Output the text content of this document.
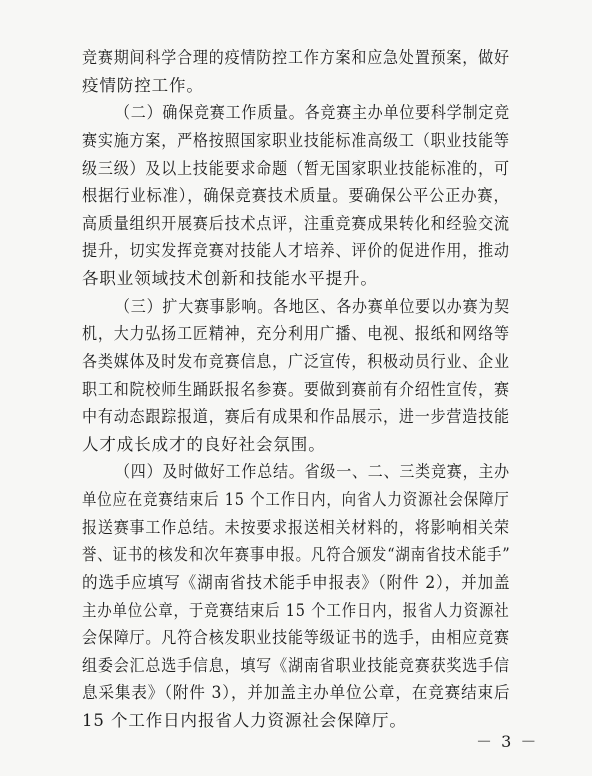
竞赛期间科学合理的疫情防控工作方案和应急处置预案，做好
疫情防控工作。
（二）确保竞赛工作质量。各竞赛主办单位要科学制定竞
赛实施方案，严格按照国家职业技能标准高级工（职业技能等
级三级）及以上技能要求命题（暂无国家职业技能标准的，可
根据行业标准），确保竞赛技术质量。要确保公平公正办赛，
高质量组织开展赛后技术点评，注重竞赛成果转化和经验交流
提升，切实发挥竞赛对技能人才培养、评价的促进作用，推动
各职业领域技术创新和技能水平提升。
（三）扩大赛事影响。各地区、各办赛单位要以办赛为契
机，大力弘扬工匠精神，充分利用广播、电视、报纸和网络等
各类媒体及时发布竞赛信息，广泛宣传，积极动员行业、企业
职工和院校师生踊跃报名参赛。要做到赛前有介绍性宣传，赛
中有动态跟踪报道，赛后有成果和作品展示，进一步营造技能
人才成长成才的良好社会氛围。
（四）及时做好工作总结。省级一、二、三类竞赛，主办
单位应在竞赛结束后 15 个工作日内，向省人力资源社会保障厅
报送赛事工作总结。未按要求报送相关材料的，将影响相关荣
誉、证书的核发和次年赛事申报。凡符合颁发“湖南省技术能手”
的选手应填写《湖南省技术能手申报表》（附件 2），并加盖
主办单位公章，于竞赛结束后 15 个工作日内，报省人力资源社
会保障厅。凡符合核发职业技能等级证书的选手，由相应竞赛
组委会汇总选手信息，填写《湖南省职业技能竞赛获奖选手信
息采集表》（附件 3），并加盖主办单位公章，在竞赛结束后
15 个工作日内报省人力资源社会保障厅。
－ 3 －
